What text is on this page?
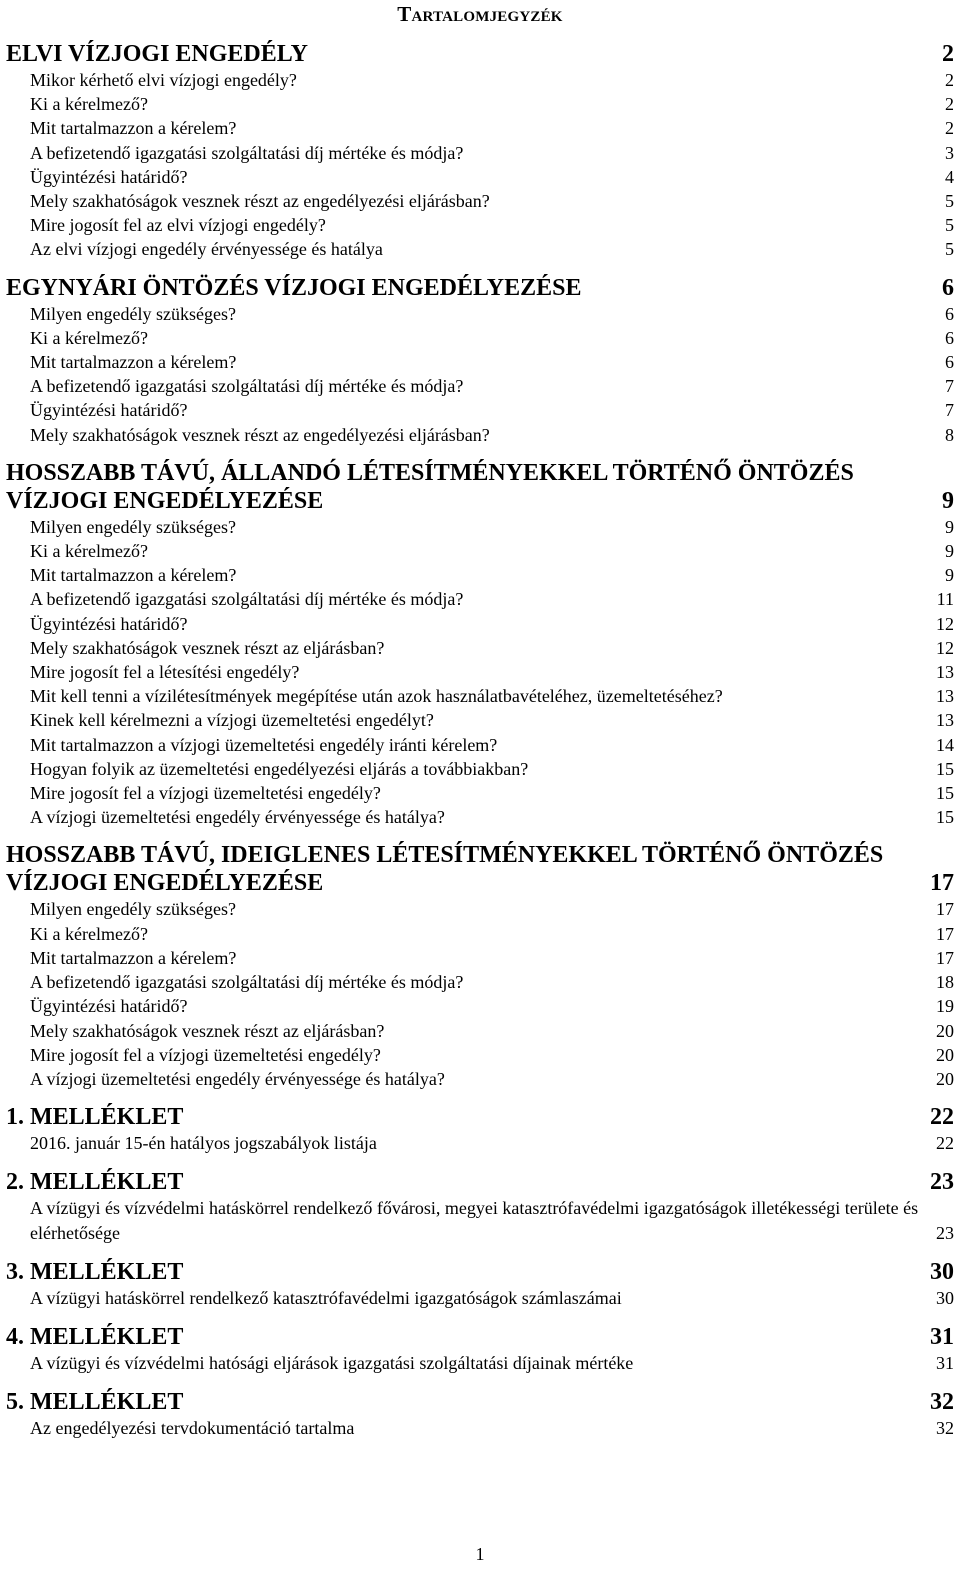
Tartalomjegyzék
ELVI VÍZJOGI ENGEDÉLY	2
Mikor kérhető elvi vízjogi engedély?	2
Ki a kérelmező?	2
Mit tartalmazzon a kérelem?	2
A befizetendő igazgatási szolgáltatási díj mértéke és módja?	3
Ügyintézési határidő?	4
Mely szakhatóságok vesznek részt az engedélyezési eljárásban?	5
Mire jogosít fel az elvi vízjogi engedély?	5
Az elvi vízjogi engedély érvényessége és hatálya	5
EGYNYÁRI ÖNTÖZÉS VÍZJOGI ENGEDÉLYEZÉSE	6
Milyen engedély szükséges?	6
Ki a kérelmező?	6
Mit tartalmazzon a kérelem?	6
A befizetendő igazgatási szolgáltatási díj mértéke és módja?	7
Ügyintézési határidő?	7
Mely szakhatóságok vesznek részt az engedélyezési eljárásban?	8
HOSSZABB TÁVÚ, ÁLLANDÓ LÉTESÍTMÉNYEKKEL TÖRTÉNŐ ÖNTÖZÉS VÍZJOGI ENGEDÉLYEZÉSE	9
Milyen engedély szükséges?	9
Ki a kérelmező?	9
Mit tartalmazzon a kérelem?	9
A befizetendő igazgatási szolgáltatási díj mértéke és módja?	11
Ügyintézési határidő?	12
Mely szakhatóságok vesznek részt az eljárásban?	12
Mire jogosít fel a létesítési engedély?	13
Mit kell tenni a vízilétesítmények megépítése után azok használatbavételéhez, üzemeltetéséhez?	13
Kinek kell kérelmezni a vízjogi üzemeltetési engedélyt?	13
Mit tartalmazzon a vízjogi üzemeltetési engedély iránti kérelem?	14
Hogyan folyik az üzemeltetési engedélyezési eljárás a továbbiakban?	15
Mire jogosít fel a vízjogi üzemeltetési engedély?	15
A vízjogi üzemeltetési engedély érvényessége és hatálya?	15
HOSSZABB TÁVÚ, IDEIGLENES LÉTESÍTMÉNYEKKEL TÖRTÉNŐ ÖNTÖZÉS VÍZJOGI ENGEDÉLYEZÉSE	17
Milyen engedély szükséges?	17
Ki a kérelmező?	17
Mit tartalmazzon a kérelem?	17
A befizetendő igazgatási szolgáltatási díj mértéke és módja?	18
Ügyintézési határidő?	19
Mely szakhatóságok vesznek részt az eljárásban?	20
Mire jogosít fel a vízjogi üzemeltetési engedély?	20
A vízjogi üzemeltetési engedély érvényessége és hatálya?	20
1. MELLÉKLET	22
2016. január 15-én hatályos jogszabályok listája	22
2. MELLÉKLET	23
A vízügyi és vízvédelmi hatáskörrel rendelkező fővárosi, megyei katasztrófavédelmi igazgatóságok illetékességi területe és elérhetősége	23
3. MELLÉKLET	30
A vízügyi hatáskörrel rendelkező katasztrófavédelmi igazgatóságok számlaszámai	30
4. MELLÉKLET	31
A vízügyi és vízvédelmi hatósági eljárások igazgatási szolgáltatási díjainak mértéke	31
5. MELLÉKLET	32
Az engedélyezési tervdokumentáció tartalma	32
1
